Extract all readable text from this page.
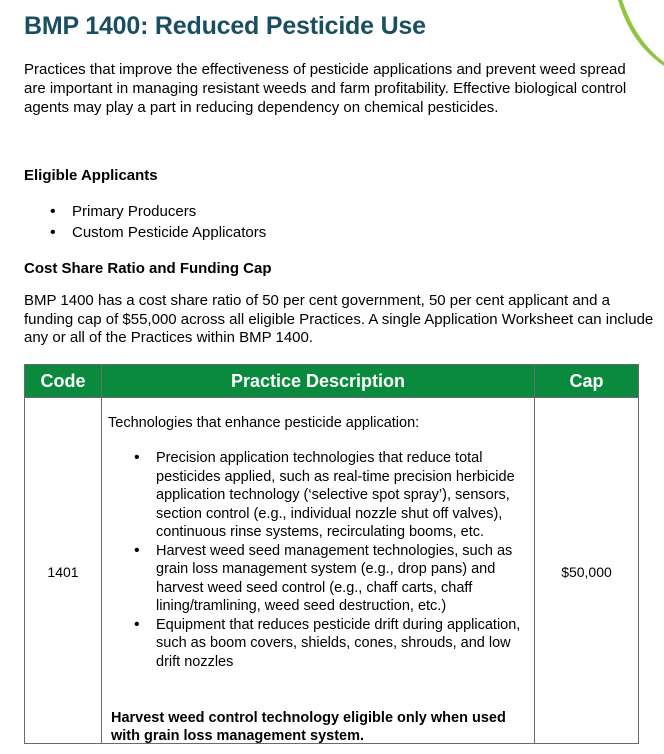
BMP 1400: Reduced Pesticide Use

Practices that improve the effectiveness of pesticide applications and prevent weed spread are important in managing resistant weeds and farm profitability. Effective biological control agents may play a part in reducing dependency on chemical pesticides.

Eligible Applicants
• Primary Producers
• Custom Pesticide Applicators
Cost Share Ratio and Funding Cap

BMP 1400 has a cost share ratio of 50 per cent government, 50 per cent applicant and a funding cap of $55,000 across all eligible Practices. A single Application Worksheet can include any or all of the Practices within BMP 1400.

Code	Practice Description	Cap
1401
Technologies that enhance pesticide application:
• Precision application technologies that reduce total pesticides applied, such as real-time precision herbicide application technology (‘selective spot spray’), sensors, section control (e.g., individual nozzle shut off valves), continuous rinse systems, recirculating booms, etc.
• Harvest weed seed management technologies, such as grain loss management system (e.g., drop pans) and harvest weed seed control (e.g., chaff carts, chaff lining/tramlining, weed seed destruction, etc.)
• Equipment that reduces pesticide drift during application, such as boom covers, shields, cones, shrouds, and low drift nozzles
Harvest weed control technology eligible only when used with grain loss management system.
$50,000
